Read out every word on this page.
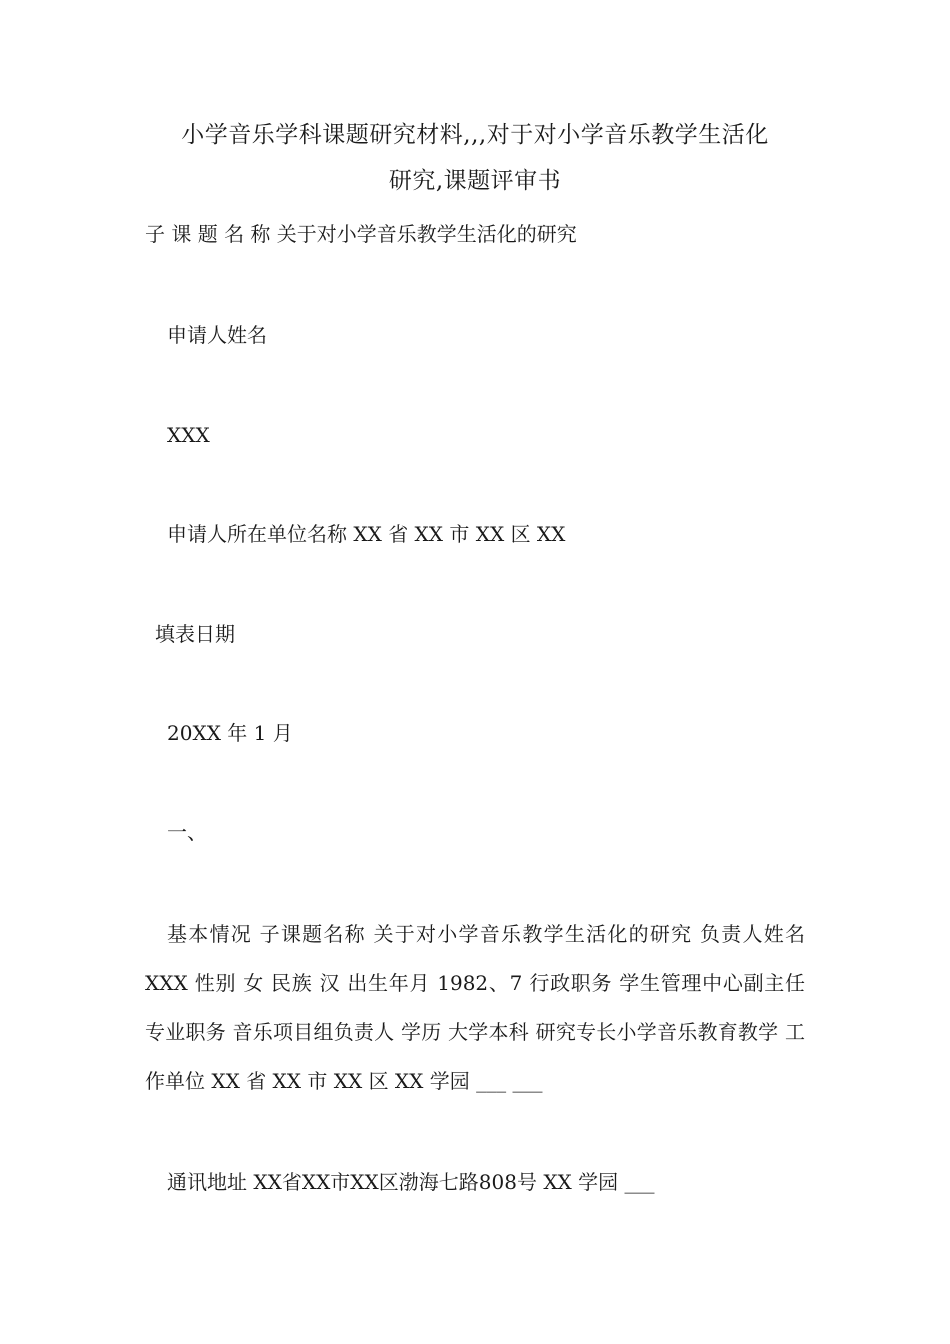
小学音乐学科课题研究材料,,,对于对小学音乐教学生活化
研究,课题评审书
子 课 题 名 称 关于对小学音乐教学生活化的研究
申请人姓名
XXX
申请人所在单位名称 XX 省 XX 市 XX 区 XX
填表日期
20XX 年 1 月
一、
基本情况 子课题名称 关于对小学音乐教学生活化的研究 负责人姓名 XXX 性别 女 民族 汉 出生年月 1982、7 行政职务 学生管理中心副主任 专业职务 音乐项目组负责人 学历 大学本科 研究专长小学音乐教育教学 工作单位 XX 省 XX 市 XX 区 XX 学园 ___ ___
通讯地址 XX省XX市XX区渤海七路808号 XX 学园 ___
